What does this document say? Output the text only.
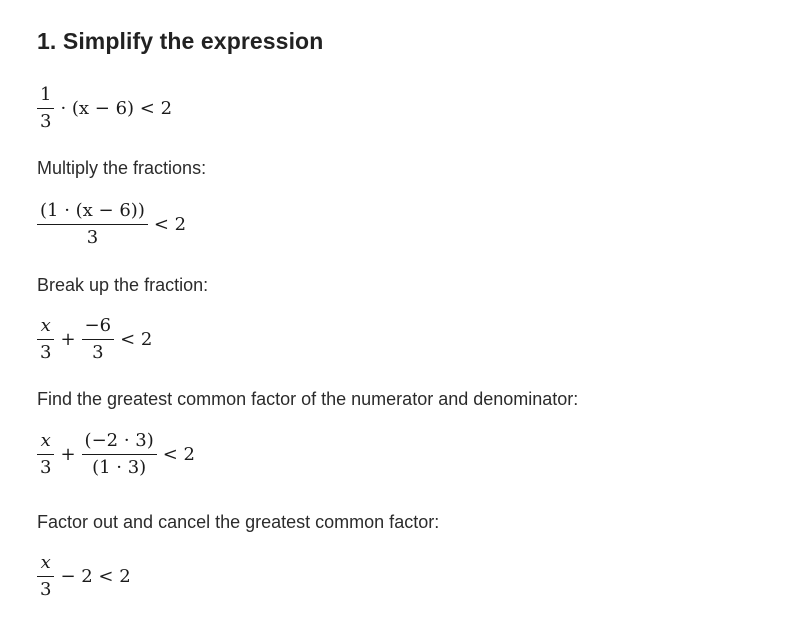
1. Simplify the expression
$\frac{1}{3} \cdot (x - 6) < 2$
Multiply the fractions:
$\frac{(1 \cdot (x - 6))}{3} < 2$
Break up the fraction:
$\frac{x}{3} + \frac{-6}{3} < 2$
Find the greatest common factor of the numerator and denominator:
$\frac{x}{3} + \frac{(-2 \cdot 3)}{(1 \cdot 3)} < 2$
Factor out and cancel the greatest common factor:
$\frac{x}{3} - 2 < 2$
